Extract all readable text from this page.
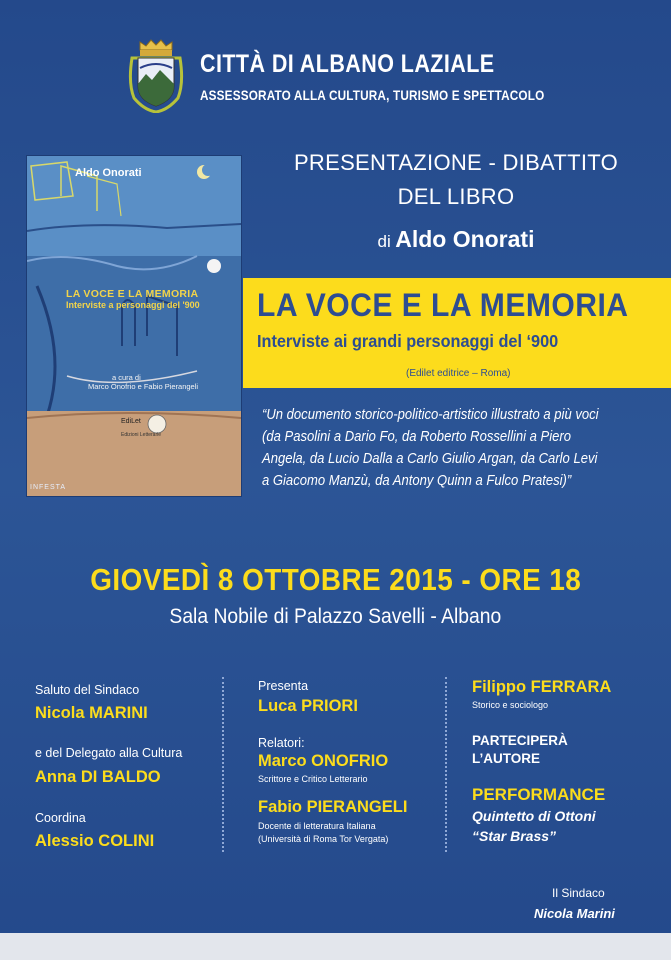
CITTÀ DI ALBANO LAZIALE
ASSESSORATO ALLA CULTURA, TURISMO E SPETTACOLO
Aldo Onorati
LA VOCE E LA MEMORIA
Interviste a personaggi del '900
a cura di
Marco Onofrio e Fabio Pierangeli
EdiLet
Edizioni Letterarie
INFESTA
PRESENTAZIONE - DIBATTITO
DEL LIBRO
di Aldo Onorati
LA VOCE E LA MEMORIA
Interviste ai grandi personaggi del ‘900
(Edilet editrice – Roma)
“Un documento storico-politico-artistico illustrato a più voci
(da Pasolini a Dario Fo, da Roberto Rossellini a Piero
Angela, da Lucio Dalla a Carlo Giulio Argan, da Carlo Levi
a Giacomo Manzù, da Antony Quinn a Fulco Pratesi)”
GIOVEDÌ 8 OTTOBRE 2015 - ORE 18
Sala Nobile di Palazzo Savelli - Albano
Saluto del Sindaco
Nicola MARINI
e del Delegato alla Cultura
Anna DI BALDO
Coordina
Alessio COLINI
Presenta
Luca PRIORI
Relatori:
Marco ONOFRIO
Scrittore e Critico Letterario
Fabio PIERANGELI
Docente di letteratura Italiana
(Università di Roma Tor Vergata)
Filippo FERRARA
Storico e sociologo
PARTECIPERÀ
L’AUTORE
PERFORMANCE
Quintetto di Ottoni
“Star Brass”
Il Sindaco
Nicola Marini
